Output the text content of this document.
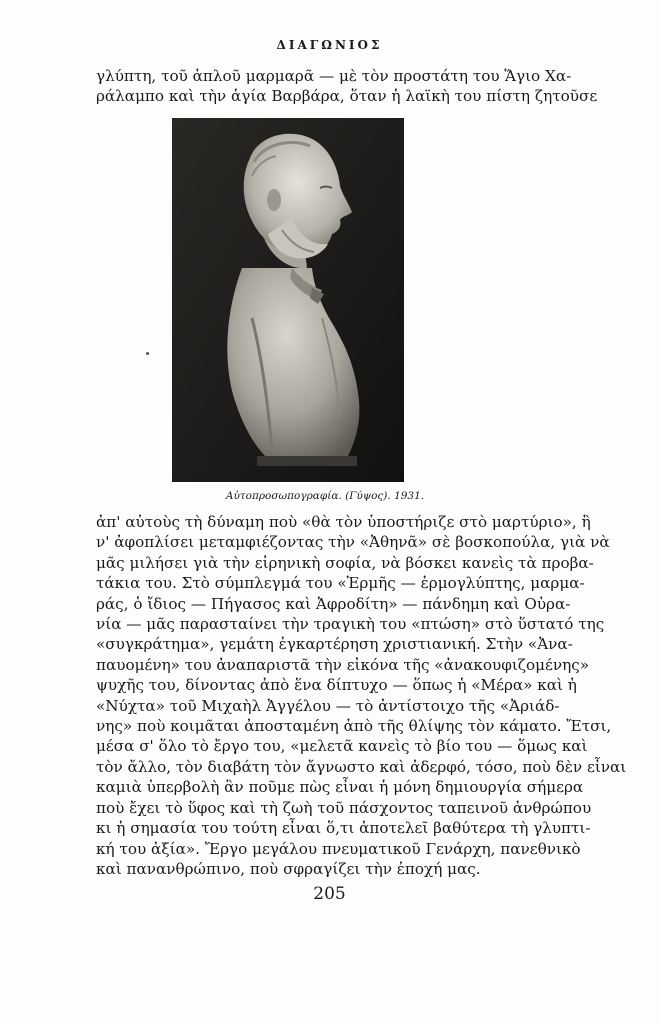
ΔΙΑΓΩΝΙΟΣ
γλύπτη, τοῦ ἁπλοῦ μαρμαρᾶ — μὲ τὸν προστάτη του Ἅγιο Χα-
ράλαμπο καὶ τὴν ἁγία Βαρβάρα, ὅταν ἡ λαϊκὴ του πίστη ζητοῦσε
Αὐτοπροσωπογραφία. (Γύψος). 1931.
ἀπ' αὐτοὺς τὴ δύναμη ποὺ «θὰ τὸν ὑποστήριζε στὸ μαρτύριο», ἢ
ν' ἀφοπλίσει μεταμφιέζοντας τὴν «Ἀθηνᾶ» σὲ βοσκοπούλα, γιὰ νὰ
μᾶς μιλήσει γιὰ τὴν εἰρηνικὴ σοφία, νὰ βόσκει κανεὶς τὰ προβα-
τάκια του. Στὸ σύμπλεγμά του «Ἑρμῆς — ἑρμογλύπτης, μαρμα-
ράς, ὁ ἴδιος — Πήγασος καὶ Ἀφροδίτη» — πάνδημη καὶ Οὐρα-
νία — μᾶς παρασταίνει τὴν τραγικὴ του «πτώση» στὸ ὕστατό της
«συγκράτημα», γεμάτη ἐγκαρτέρηση χριστιανική. Στὴν «Ἀνα-
παυομένη» του ἀναπαριστᾶ τὴν εἰκόνα τῆς «ἀνακουφιζομένης»
ψυχῆς του, δίνοντας ἀπὸ ἕνα δίπτυχο — ὅπως ἡ «Μέρα» καὶ ἡ
«Νύχτα» τοῦ Μιχαὴλ Ἀγγέλου — τὸ ἀντίστοιχο τῆς «Ἀριάδ-
νης» ποὺ κοιμᾶται ἀποσταμένη ἀπὸ τῆς θλίψης τὸν κάματο. Ἔτσι,
μέσα σ' ὅλο τὸ ἔργο του, «μελετᾶ κανεὶς τὸ βίο του — ὅμως καὶ
τὸν ἄλλο, τὸν διαβάτη τὸν ἄγνωστο καὶ ἀδερφό, τόσο, ποὺ δὲν εἶναι
καμιὰ ὑπερβολὴ ἂν ποῦμε πὼς εἶναι ἡ μόνη δημιουργία σήμερα
ποὺ ἔχει τὸ ὕφος καὶ τὴ ζωὴ τοῦ πάσχοντος ταπεινοῦ ἀνθρώπου
κι ἡ σημασία του τούτη εἶναι ὅ,τι ἀποτελεῖ βαθύτερα τὴ γλυπτι-
κή του ἀξία». Ἔργο μεγάλου πνευματικοῦ Γενάρχη, πανεθνικὸ
καὶ πανανθρώπινο, ποὺ σφραγίζει τὴν ἐποχή μας.
205
